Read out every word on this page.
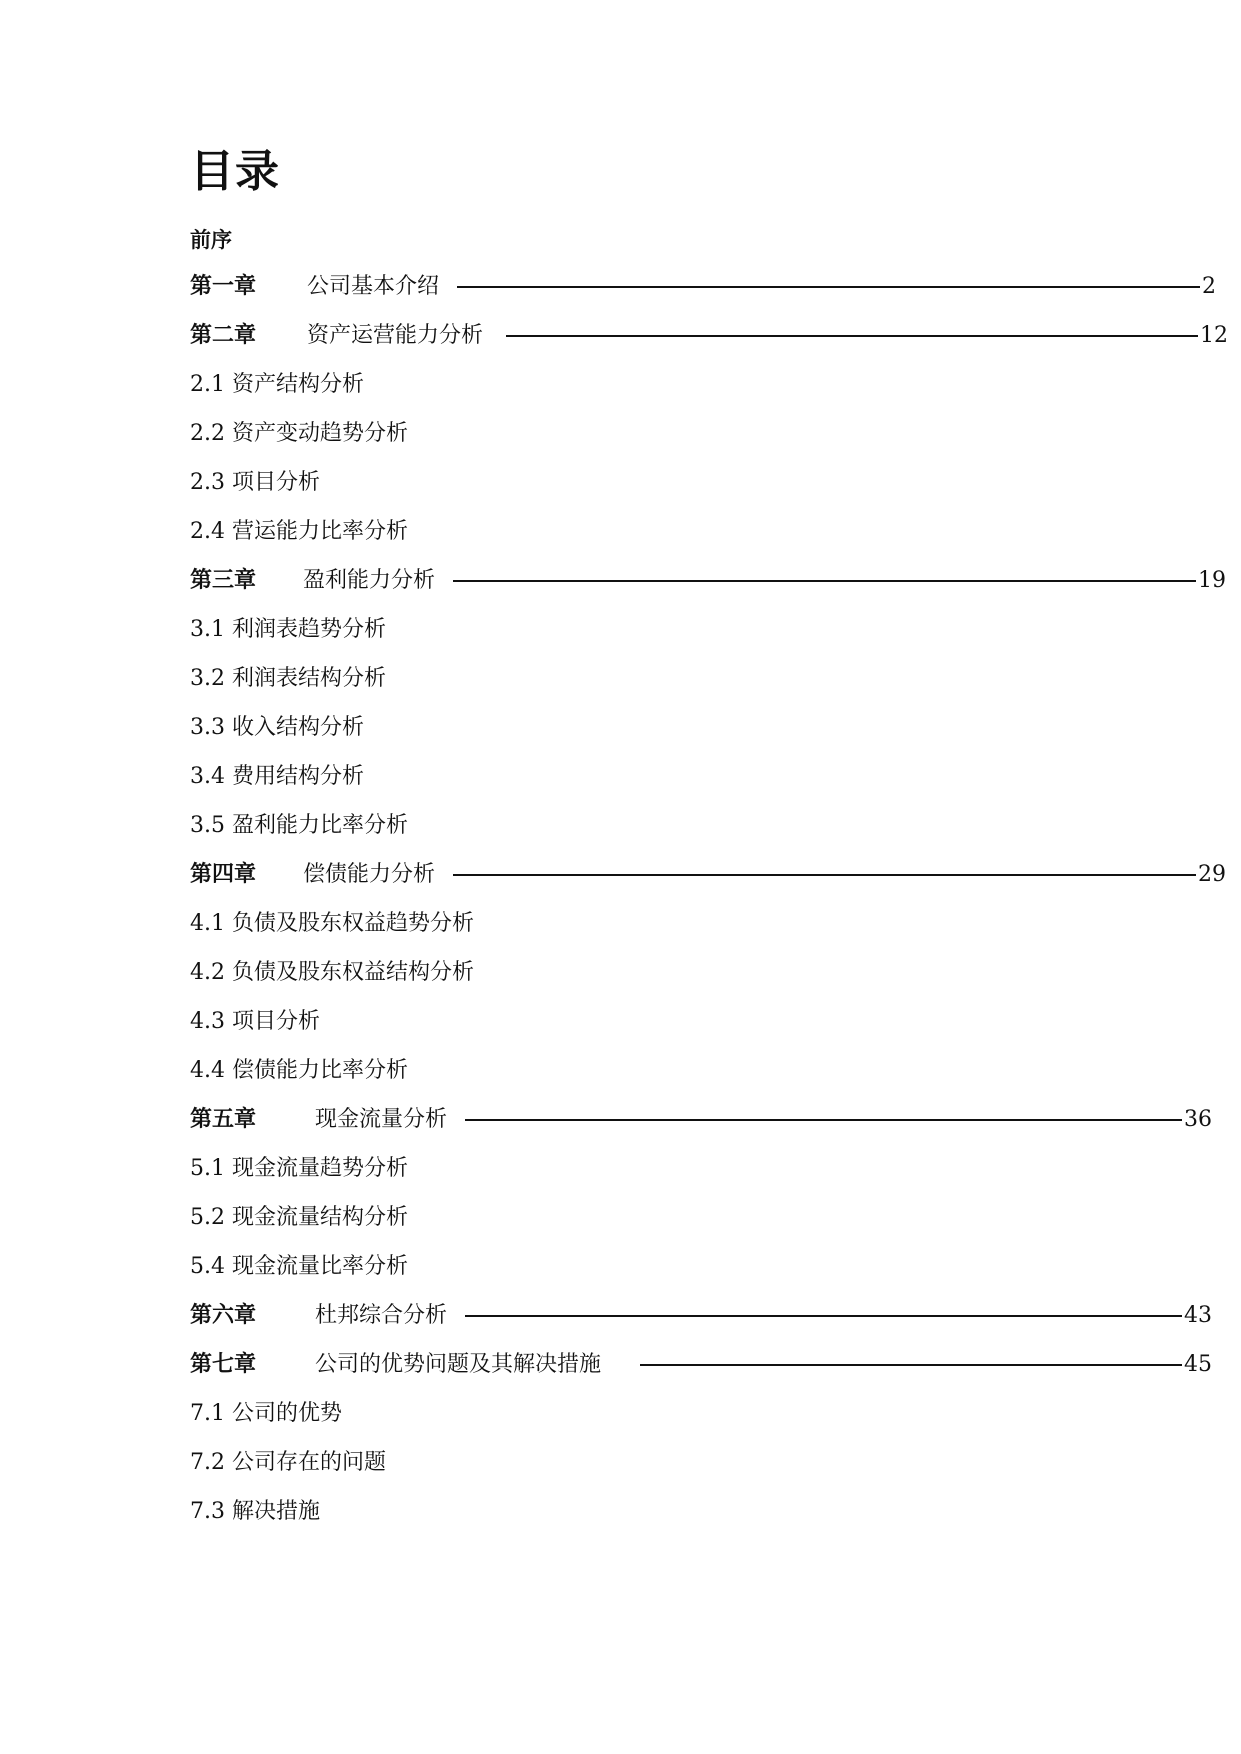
目录
前序
第一章 公司基本介绍	2
第二章 资产运营能力分析	12
2.1 资产结构分析
2.2 资产变动趋势分析
2.3 项目分析
2.4 营运能力比率分析
第三章 盈利能力分析	19
3.1 利润表趋势分析
3.2 利润表结构分析
3.3 收入结构分析
3.4 费用结构分析
3.5 盈利能力比率分析
第四章 偿债能力分析	29
4.1 负债及股东权益趋势分析
4.2 负债及股东权益结构分析
4.3 项目分析
4.4 偿债能力比率分析
第五章	现金流量分析	36
5.1 现金流量趋势分析
5.2 现金流量结构分析
5.4 现金流量比率分析
第六章	杜邦综合分析	43
第七章	公司的优势问题及其解决措施	45
7.1 公司的优势
7.2 公司存在的问题
7.3 解决措施
